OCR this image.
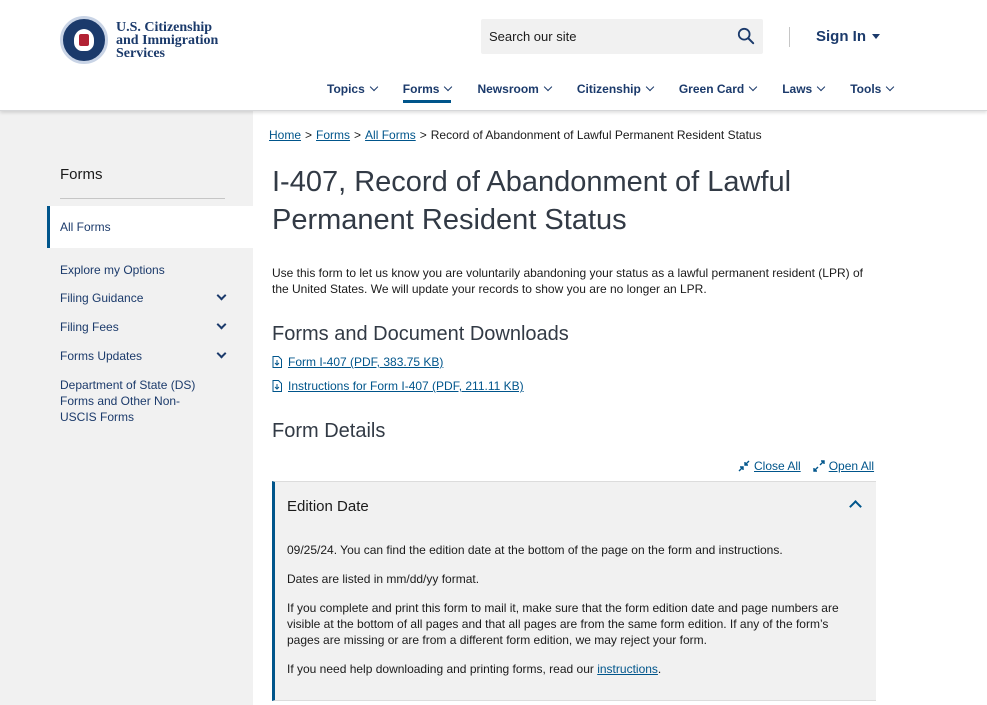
U.S. Citizenship
and Immigration
Services
Search our site
Sign In
Topics	Forms	Newsroom	Citizenship	Green Card	Laws	Tools
Forms
All Forms
Explore my Options
Filing Guidance
Filing Fees
Forms Updates
Department of State (DS) Forms and Other Non-USCIS Forms
Home > Forms > All Forms > Record of Abandonment of Lawful Permanent Resident Status
I-407, Record of Abandonment of Lawful Permanent Resident Status

Use this form to let us know you are voluntarily abandoning your status as a lawful permanent resident (LPR) of the United States. We will update your records to show you are no longer an LPR.

Forms and Document Downloads
Form I-407 (PDF, 383.75 KB)
Instructions for Form I-407 (PDF, 211.11 KB)
Form Details
Close All Open All
Edition Date

09/25/24. You can find the edition date at the bottom of the page on the form and instructions.

Dates are listed in mm/dd/yy format.

If you complete and print this form to mail it, make sure that the form edition date and page numbers are visible at the bottom of all pages and that all pages are from the same form edition. If any of the form’s pages are missing or are from a different form edition, we may reject your form.

If you need help downloading and printing forms, read our instructions.
